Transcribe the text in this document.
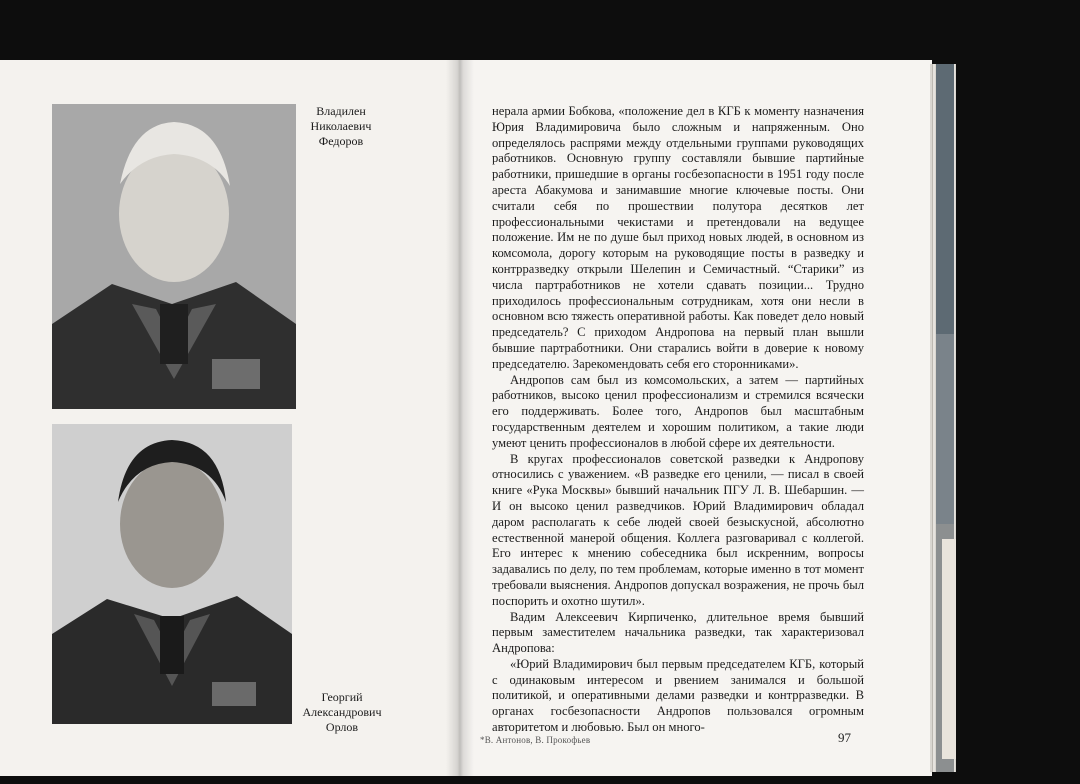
Владилен
Николаевич
Федоров
Георгий
Александрович
Орлов

нерала армии Бобкова, «положение дел в КГБ к моменту назначения Юрия Владимировича было сложным и напряженным. Оно определялось распрями между отдельными группами руководящих работников. Основную группу составляли бывшие партийные работники, пришедшие в органы госбезопасности в 1951 году после ареста Абакумова и занимавшие многие ключевые посты. Они считали себя по прошествии полутора десятков лет профессиональными чекистами и претендовали на ведущее положение. Им не по душе был приход новых людей, в основном из комсомола, дорогу которым на руководящие посты в разведку и контрразведку открыли Шелепин и Семичастный. “Старики” из числа партработников не хотели сдавать позиции... Трудно приходилось профессиональным сотрудникам, хотя они несли в основном всю тяжесть оперативной работы. Как поведет дело новый председатель? С приходом Андропова на первый план вышли бывшие партработники. Они старались войти в доверие к новому председателю. Зарекомендовать себя его сторонниками».

Андропов сам был из комсомольских, а затем — партийных работников, высоко ценил профессионализм и стремился всячески его поддерживать. Более того, Андропов был масштабным государственным деятелем и хорошим политиком, а такие люди умеют ценить профессионалов в любой сфере их деятельности.

В кругах профессионалов советской разведки к Андропову относились с уважением. «В разведке его ценили, — писал в своей книге «Рука Москвы» бывший начальник ПГУ Л. В. Шебаршин. — И он высоко ценил разведчиков. Юрий Владимирович обладал даром располагать к себе людей своей безыскусной, абсолютно естественной манерой общения. Коллега разговаривал с коллегой. Его интерес к мнению собеседника был искренним, вопросы задавались по делу, по тем проблемам, которые именно в тот момент требовали выяснения. Андропов допускал возражения, не прочь был поспорить и охотно шутил».

Вадим Алексеевич Кирпиченко, длительное время бывший первым заместителем начальника разведки, так характеризовал Андропова:

«Юрий Владимирович был первым председателем КГБ, который с одинаковым интересом и рвением занимался и большой политикой, и оперативными делами разведки и контрразведки. В органах госбезопасности Андропов пользовался огромным авторитетом и любовью. Был он много-

*В. Антонов, В. Прокофьев	97
